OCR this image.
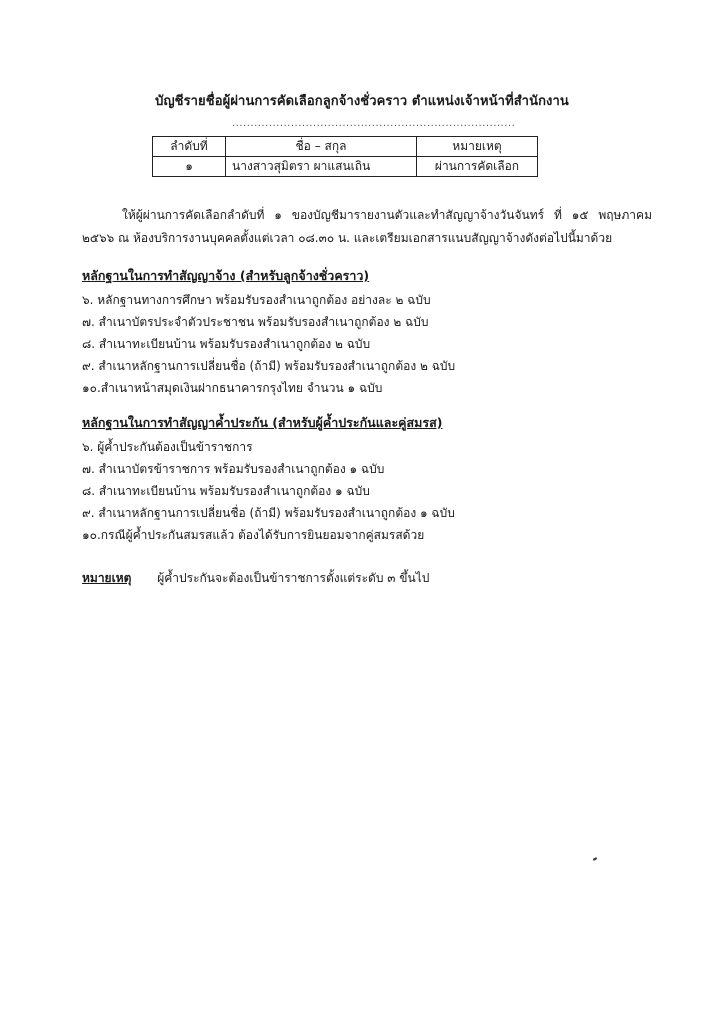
บัญชีรายชื่อผู้ผ่านการคัดเลือกลูกจ้างชั่วคราว ตำแหน่งเจ้าหน้าที่สำนักงาน
.............................................................................
ลำดับที่	ชื่อ – สกุล	หมายเหตุ
๑	นางสาวสุมิตรา ผาแสนเถิน	ผ่านการคัดเลือก
ให้ผู้ผ่านการคัดเลือกลำดับที่ ๑ ของบัญชีมารายงานตัวและทำสัญญาจ้างวันจันทร์ ที่ ๑๕ พฤษภาคม ๒๕๖๖ ณ ห้องบริการงานบุคคลตั้งแต่เวลา ๐๘.๓๐ น. และเตรียมเอกสารแนบสัญญาจ้างดังต่อไปนี้มาด้วย
หลักฐานในการทำสัญญาจ้าง (สำหรับลูกจ้างชั่วคราว)
๖. หลักฐานทางการศึกษา พร้อมรับรองสำเนาถูกต้อง อย่างละ ๒ ฉบับ
๗. สำเนาบัตรประจำตัวประชาชน พร้อมรับรองสำเนาถูกต้อง ๒ ฉบับ
๘. สำเนาทะเบียนบ้าน พร้อมรับรองสำเนาถูกต้อง ๒ ฉบับ
๙. สำเนาหลักฐานการเปลี่ยนชื่อ (ถ้ามี) พร้อมรับรองสำเนาถูกต้อง ๒ ฉบับ
๑๐.สำเนาหน้าสมุดเงินฝากธนาคารกรุงไทย จำนวน ๑ ฉบับ
หลักฐานในการทำสัญญาค้ำประกัน (สำหรับผู้ค้ำประกันและคู่สมรส)
๖. ผู้ค้ำประกันต้องเป็นข้าราชการ
๗. สำเนาบัตรข้าราชการ พร้อมรับรองสำเนาถูกต้อง ๑ ฉบับ
๘. สำเนาทะเบียนบ้าน พร้อมรับรองสำเนาถูกต้อง ๑ ฉบับ
๙. สำเนาหลักฐานการเปลี่ยนชื่อ (ถ้ามี) พร้อมรับรองสำเนาถูกต้อง ๑ ฉบับ
๑๐.กรณีผู้ค้ำประกันสมรสแล้ว ต้องได้รับการยินยอมจากคู่สมรสด้วย
หมายเหตุ ผู้ค้ำประกันจะต้องเป็นข้าราชการตั้งแต่ระดับ ๓ ขึ้นไป
